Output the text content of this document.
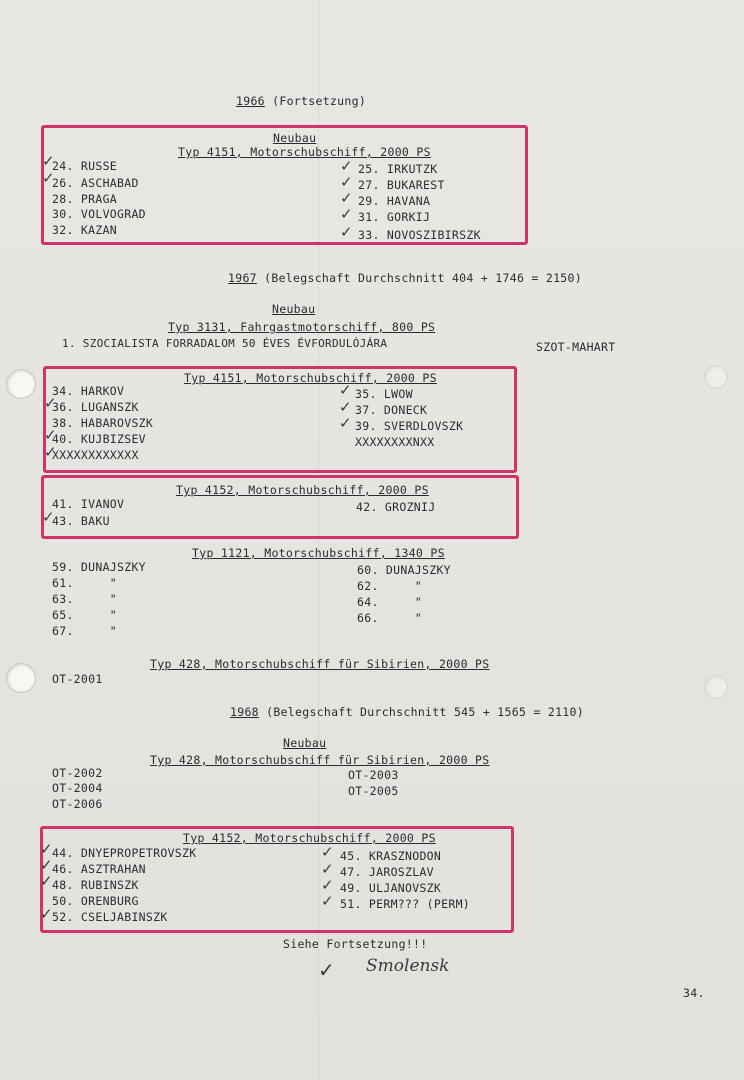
1966 (Fortsetzung)
Neubau
Typ 4151, Motorschubschiff, 2000 PS
24. RUSSE
26. ASCHABAD
28. PRAGA
30. VOLVOGRAD
32. KAZAN
25. IRKUTZK
27. BUKAREST
29. HAVANA
31. GORKIJ
33. NOVOSZIBIRSZK
✓
✓
✓
✓
✓
✓
✓
1967 (Belegschaft Durchschnitt 404 + 1746 = 2150)
Neubau
Typ 3131, Fahrgastmotorschiff, 800 PS
1. SZOCIALISTA FORRADALOM 50 ÉVES ÉVFORDULÓJÁRA	SZOT-MAHART
Typ 4151, Motorschubschiff, 2000 PS
34. HARKOV
36. LUGANSZK
38. HABAROVSZK
40. KUJBIZSEV
XXXXXXXXXXXX
35. LWOW
37. DONECK
39. SVERDLOVSZK
XXXXXXXXNXX
✓
✓
✓
✓
✓
✓
Typ 4152, Motorschubschiff, 2000 PS
41. IVANOV
43. BAKU
42. GROZNIJ
✓
Typ 1121, Motorschubschiff, 1340 PS
59. DUNAJSZKY
61.     "
63.     "
65.     "
67.     "
60. DUNAJSZKY
62.     "
64.     "
66.     "
Typ 428, Motorschubschiff für Sibirien, 2000 PS
OT-2001
1968 (Belegschaft Durchschnitt 545 + 1565 = 2110)
Neubau
Typ 428, Motorschubschiff für Sibirien, 2000 PS
OT-2002
OT-2004
OT-2006
OT-2003
OT-2005
Typ 4152, Motorschubschiff, 2000 PS
44. DNYEPROPETROVSZK
46. ASZTRAHAN
48. RUBINSZK
50. ORENBURG
52. CSELJABINSZK
45. KRASZNODON
47. JAROSZLAV
49. ULJANOVSZK
51. PERM??? (PERM)
✓
✓
✓
✓
✓
✓
✓
✓
Siehe Fortsetzung!!!
✓ Smolensk
34.
